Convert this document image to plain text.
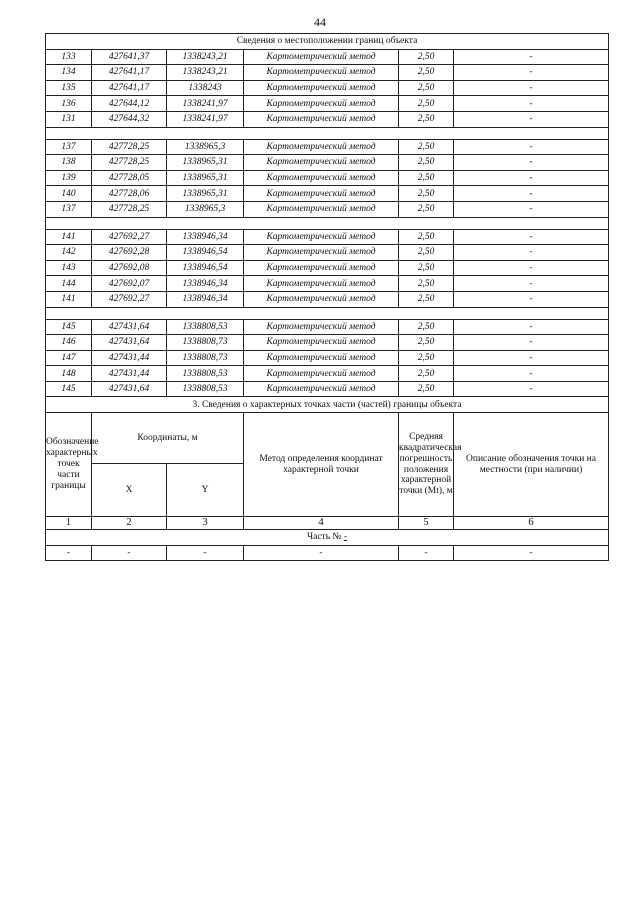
44
Сведения о местоположении границ объекта					
133	427641,37	1338243,21	Картометрический метод	2,50	-
134	427641,17	1338243,21	Картометрический метод	2,50	-
135	427641,17	1338243	Картометрический метод	2,50	-
136	427644,12	1338241,97	Картометрический метод	2,50	-
131	427644,32	1338241,97	Картометрический метод	2,50	-

137	427728,25	1338965,3	Картометрический метод	2,50	-
138	427728,25	1338965,31	Картометрический метод	2,50	-
139	427728,05	1338965,31	Картометрический метод	2,50	-
140	427728,06	1338965,31	Картометрический метод	2,50	-
137	427728,25	1338965,3	Картометрический метод	2,50	-

141	427692,27	1338946,34	Картометрический метод	2,50	-
142	427692,28	1338946,54	Картометрический метод	2,50	-
143	427692,08	1338946,54	Картометрический метод	2,50	-
144	427692,07	1338946,34	Картометрический метод	2,50	-
141	427692,27	1338946,34	Картометрический метод	2,50	-

145	427431,64	1338808,53	Картометрический метод	2,50	-
146	427431,64	1338808,73	Картометрический метод	2,50	-
147	427431,44	1338808,73	Картометрический метод	2,50	-
148	427431,44	1338808,53	Картометрический метод	2,50	-
145	427431,64	1338808,53	Картометрический метод	2,50	-
3. Сведения о характерных точках части (частей) границы объекта					
Обозначение характерных точек части границы	Координаты, м		Метод определения координат характерной точки	Средняя квадратическая погрешность положения характерной точки (Mt), м	Описание обозначения точки на местности (при наличии)
	X	Y			
1	2	3	4	5	6
Часть № -					
-	-	-	-	-	-
